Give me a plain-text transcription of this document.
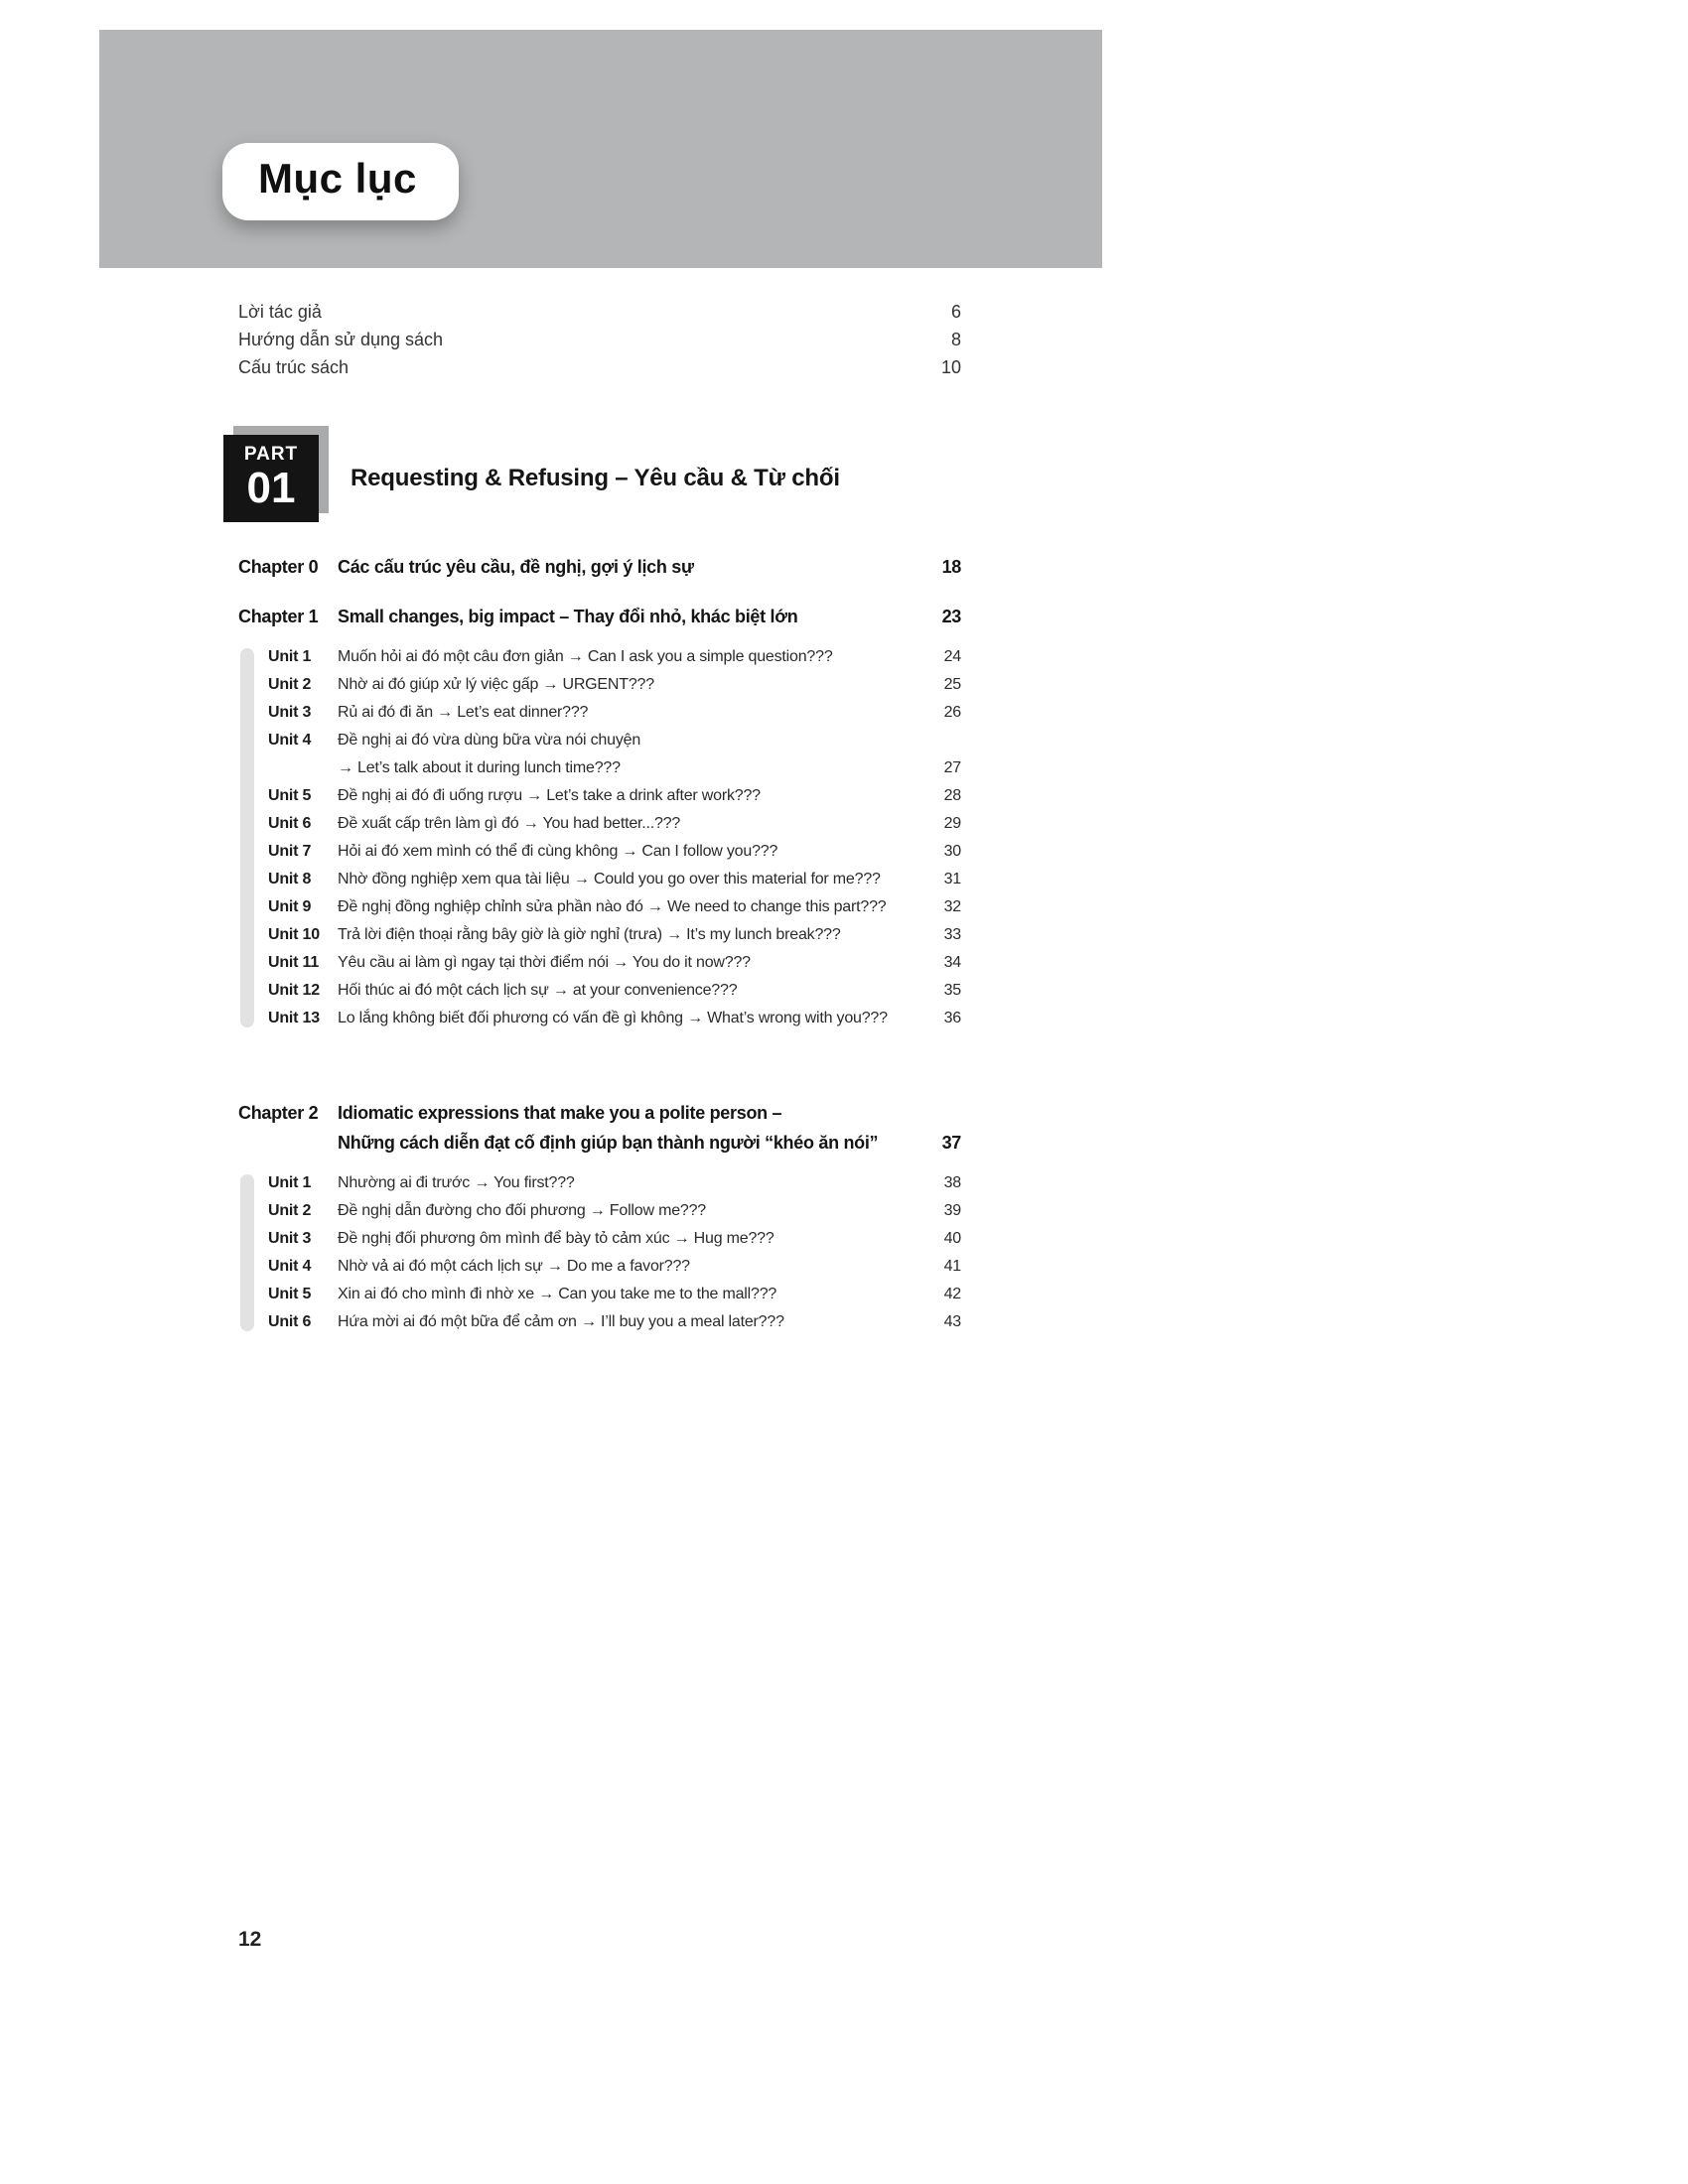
Mục lục
Lời tác giả	6
Hướng dẫn sử dụng sách	8
Cấu trúc sách	10
PART
01 Requesting & Refusing – Yêu cầu & Từ chối
Chapter 0	Các cấu trúc yêu cầu, đề nghị, gợi ý lịch sự	18
Chapter 1	Small changes, big impact – Thay đổi nhỏ, khác biệt lớn	23
Unit 1	Muốn hỏi ai đó một câu đơn giản → Can I ask you a simple question???	24
Unit 2	Nhờ ai đó giúp xử lý việc gấp → URGENT???	25
Unit 3	Rủ ai đó đi ăn → Let’s eat dinner???	26
Unit 4	Đề nghị ai đó vừa dùng bữa vừa nói chuyện
→ Let’s talk about it during lunch time???	27
Unit 5	Đề nghị ai đó đi uống rượu → Let’s take a drink after work???	28
Unit 6	Đề xuất cấp trên làm gì đó → You had better...???	29
Unit 7	Hỏi ai đó xem mình có thể đi cùng không → Can I follow you???	30
Unit 8	Nhờ đồng nghiệp xem qua tài liệu → Could you go over this material for me???	31
Unit 9	Đề nghị đồng nghiệp chỉnh sửa phần nào đó → We need to change this part???	32
Unit 10	Trả lời điện thoại rằng bây giờ là giờ nghỉ (trưa) → It’s my lunch break???	33
Unit 11	Yêu cầu ai làm gì ngay tại thời điểm nói → You do it now???	34
Unit 12	Hối thúc ai đó một cách lịch sự → at your convenience???	35
Unit 13	Lo lắng không biết đối phương có vấn đề gì không → What’s wrong with you???	36
Chapter 2	Idiomatic expressions that make you a polite person –
Những cách diễn đạt cố định giúp bạn thành người “khéo ăn nói”	37
Unit 1	Nhường ai đi trước → You first???	38
Unit 2	Đề nghị dẫn đường cho đối phương → Follow me???	39
Unit 3	Đề nghị đối phương ôm mình để bày tỏ cảm xúc → Hug me???	40
Unit 4	Nhờ vả ai đó một cách lịch sự → Do me a favor???	41
Unit 5	Xin ai đó cho mình đi nhờ xe → Can you take me to the mall???	42
Unit 6	Hứa mời ai đó một bữa để cảm ơn → I’ll buy you a meal later???	43
12
